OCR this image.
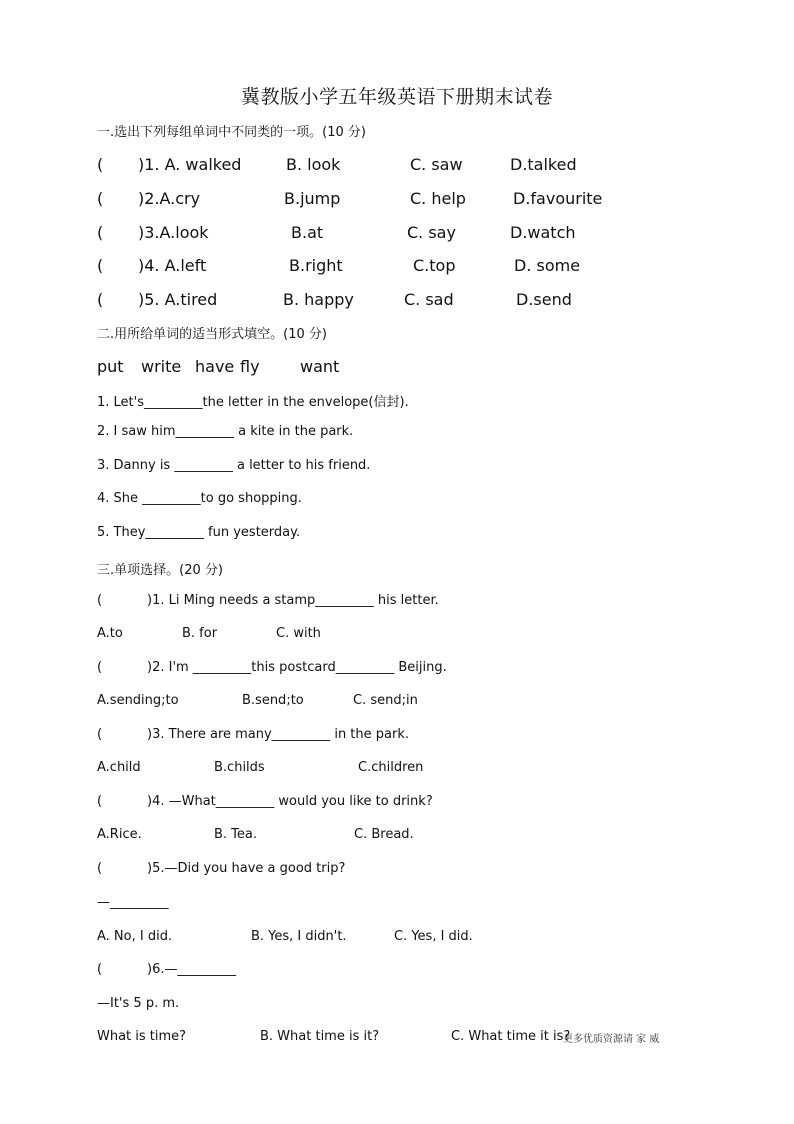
冀教版小学五年级英语下册期末试卷
一.选出下列每组单词中不同类的一项。(10 分)
( )1. A. walked	B. look	C. saw	D.talked
( )2.A.cry	B.jump	C. help	D.favourite
( )3.A.look	B.at	C. say	D.watch
( )4. A.left	B.right	C.top	D. some
( )5. A.tired	B. happy	C. sad	D.send
二.用所给单词的适当形式填空。(10 分)
put write have fly	want
1. Let's_________the letter in the envelope(信封).
2. I saw him_________ a kite in the park.
3. Danny is _________ a letter to his friend.
4. She _________to go shopping.
5. They_________ fun yesterday.
三.单项选择。(20 分)
(	)1. Li Ming needs a stamp_________ his letter.
A.to	B. for	C. with
(	)2. I'm _________this postcard_________ Beijing.
A.sending;to	B.send;to	C. send;in
(	)3. There are many_________ in the park.
A.child	B.childs	C.children
(	)4. —What_________ would you like to drink?
A.Rice.	B. Tea.	C. Bread.
(	)5.—Did you have a good trip?
—_________
A. No, I did.	B. Yes, I didn't.	C. Yes, I did.
(	)6.—_________
—It's 5 p. m.
What is time?	B. What time is it?	C. What time it is?
更多优质资源请 家 威
